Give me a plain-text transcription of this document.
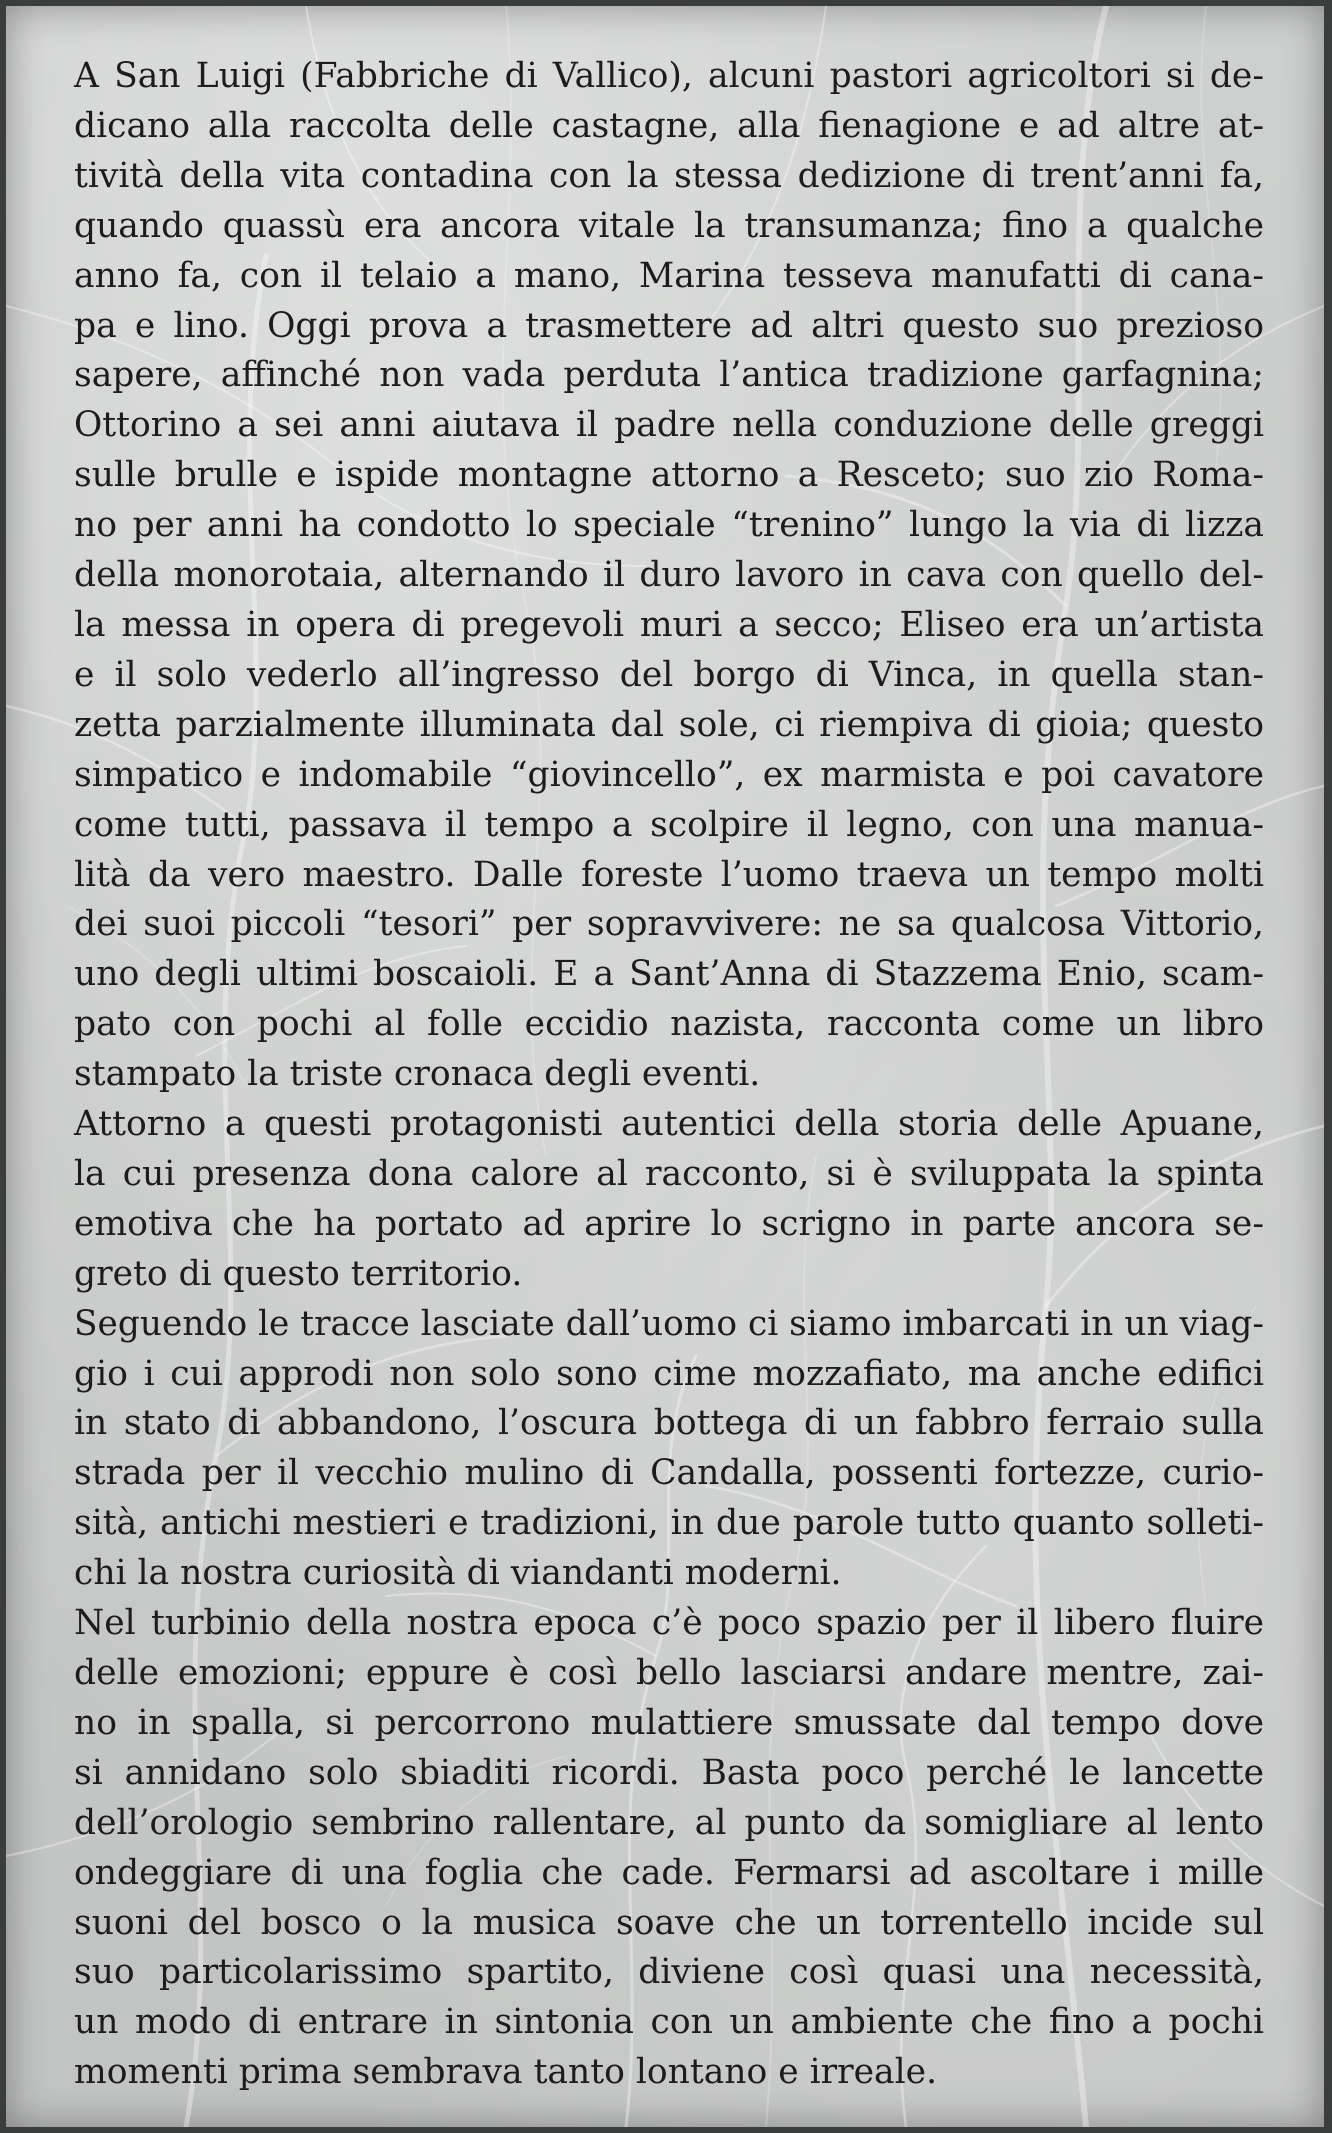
A San Luigi (Fabbriche di Vallico), alcuni pastori agricoltori si de-
dicano alla raccolta delle castagne, alla fienagione e ad altre at-
tività della vita contadina con la stessa dedizione di trent’anni fa,
quando quassù era ancora vitale la transumanza; fino a qualche
anno fa, con il telaio a mano, Marina tesseva manufatti di cana-
pa e lino. Oggi prova a trasmettere ad altri questo suo prezioso
sapere, affinché non vada perduta l’antica tradizione garfagnina;
Ottorino a sei anni aiutava il padre nella conduzione delle greggi
sulle brulle e ispide montagne attorno a Resceto; suo zio Roma-
no per anni ha condotto lo speciale “trenino” lungo la via di lizza
della monorotaia, alternando il duro lavoro in cava con quello del-
la messa in opera di pregevoli muri a secco; Eliseo era un’artista
e il solo vederlo all’ingresso del borgo di Vinca, in quella stan-
zetta parzialmente illuminata dal sole, ci riempiva di gioia; questo
simpatico e indomabile “giovincello”, ex marmista e poi cavatore
come tutti, passava il tempo a scolpire il legno, con una manua-
lità da vero maestro. Dalle foreste l’uomo traeva un tempo molti
dei suoi piccoli “tesori” per sopravvivere: ne sa qualcosa Vittorio,
uno degli ultimi boscaioli. E a Sant’Anna di Stazzema Enio, scam-
pato con pochi al folle eccidio nazista, racconta come un libro
stampato la triste cronaca degli eventi.

Attorno a questi protagonisti autentici della storia delle Apuane,
la cui presenza dona calore al racconto, si è sviluppata la spinta
emotiva che ha portato ad aprire lo scrigno in parte ancora se-
greto di questo territorio.

Seguendo le tracce lasciate dall’uomo ci siamo imbarcati in un viag-
gio i cui approdi non solo sono cime mozzafiato, ma anche edifici
in stato di abbandono, l’oscura bottega di un fabbro ferraio sulla
strada per il vecchio mulino di Candalla, possenti fortezze, curio-
sità, antichi mestieri e tradizioni, in due parole tutto quanto solleti-
chi la nostra curiosità di viandanti moderni.

Nel turbinio della nostra epoca c’è poco spazio per il libero fluire
delle emozioni; eppure è così bello lasciarsi andare mentre, zai-
no in spalla, si percorrono mulattiere smussate dal tempo dove
si annidano solo sbiaditi ricordi. Basta poco perché le lancette
dell’orologio sembrino rallentare, al punto da somigliare al lento
ondeggiare di una foglia che cade. Fermarsi ad ascoltare i mille
suoni del bosco o la musica soave che un torrentello incide sul
suo particolarissimo spartito, diviene così quasi una necessità,
un modo di entrare in sintonia con un ambiente che fino a pochi
momenti prima sembrava tanto lontano e irreale.
